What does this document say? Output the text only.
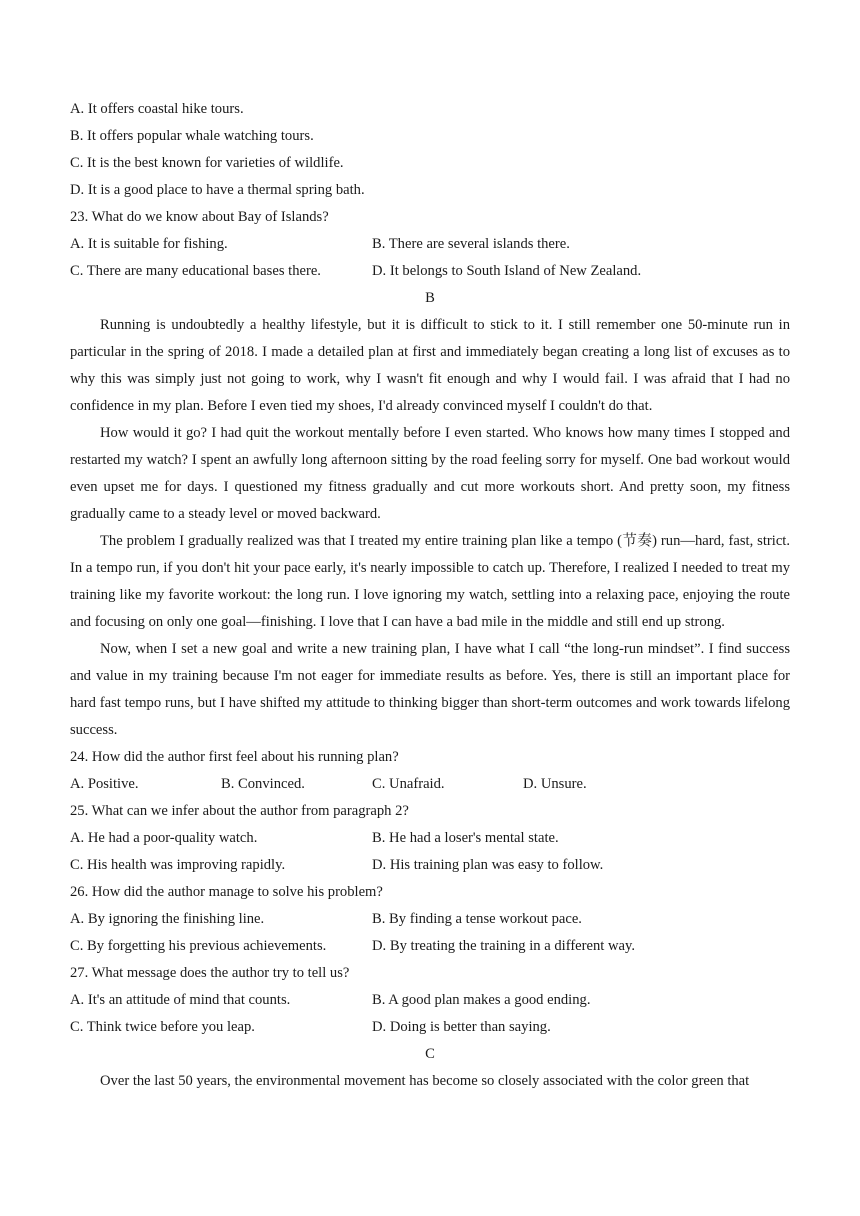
A. It offers coastal hike tours.
B. It offers popular whale watching tours.
C. It is the best known for varieties of wildlife.
D. It is a good place to have a thermal spring bath.
23. What do we know about Bay of Islands?
A. It is suitable for fishing.	B. There are several islands there.
C. There are many educational bases there.	D. It belongs to South Island of New Zealand.
B

Running is undoubtedly a healthy lifestyle, but it is difficult to stick to it. I still remember one 50-minute run in particular in the spring of 2018. I made a detailed plan at first and immediately began creating a long list of excuses as to why this was simply just not going to work, why I wasn't fit enough and why I would fail. I was afraid that I had no confidence in my plan. Before I even tied my shoes, I'd already convinced myself I couldn't do that.

How would it go? I had quit the workout mentally before I even started. Who knows how many times I stopped and restarted my watch? I spent an awfully long afternoon sitting by the road feeling sorry for myself. One bad workout would even upset me for days. I questioned my fitness gradually and cut more workouts short. And pretty soon, my fitness gradually came to a steady level or moved backward.

The problem I gradually realized was that I treated my entire training plan like a tempo (节奏) run—hard, fast, strict. In a tempo run, if you don't hit your pace early, it's nearly impossible to catch up. Therefore, I realized I needed to treat my training like my favorite workout: the long run. I love ignoring my watch, settling into a relaxing pace, enjoying the route and focusing on only one goal—finishing. I love that I can have a bad mile in the middle and still end up strong.

Now, when I set a new goal and write a new training plan, I have what I call “the long-run mindset”. I find success and value in my training because I'm not eager for immediate results as before. Yes, there is still an important place for hard fast tempo runs, but I have shifted my attitude to thinking bigger than short-term outcomes and work towards lifelong success.

24. How did the author first feel about his running plan?
A. Positive.	B. Convinced.	C. Unafraid.	D. Unsure.
25. What can we infer about the author from paragraph 2?
A. He had a poor-quality watch.	B. He had a loser's mental state.
C. His health was improving rapidly.	D. His training plan was easy to follow.
26. How did the author manage to solve his problem?
A. By ignoring the finishing line.	B. By finding a tense workout pace.
C. By forgetting his previous achievements.	D. By treating the training in a different way.
27. What message does the author try to tell us?
A. It's an attitude of mind that counts.	B. A good plan makes a good ending.
C. Think twice before you leap.	D. Doing is better than saying.
C

Over the last 50 years, the environmental movement has become so closely associated with the color green that
